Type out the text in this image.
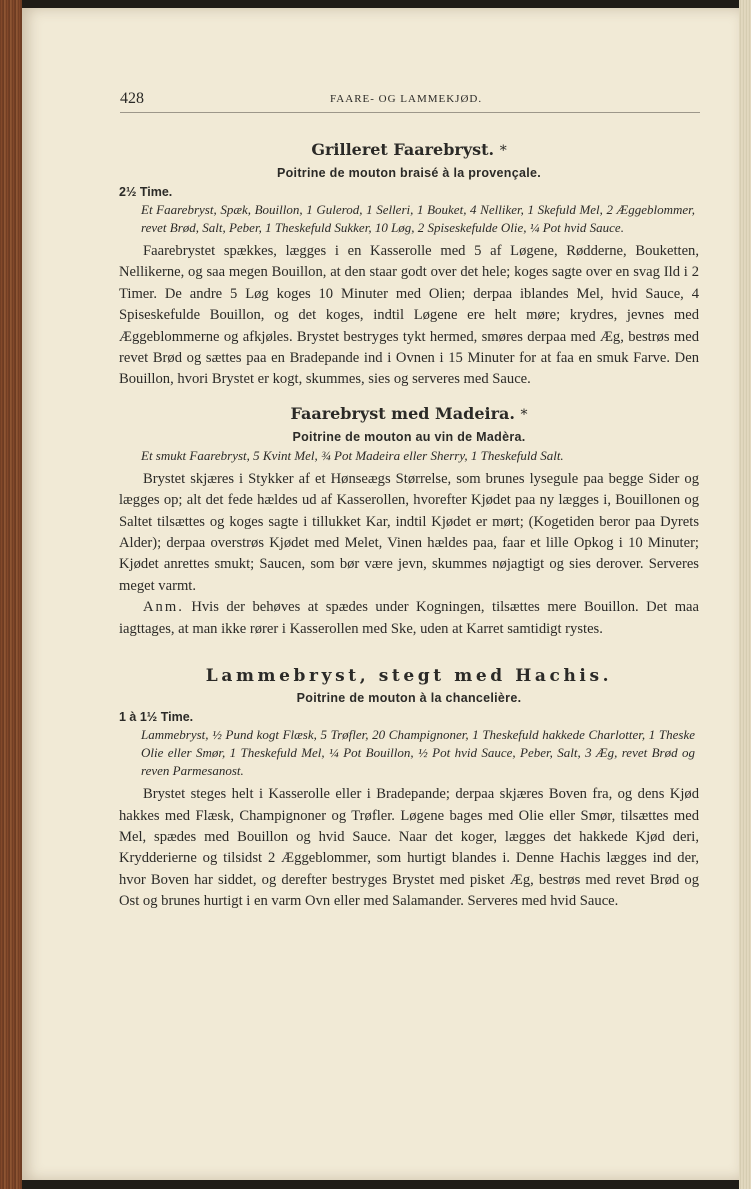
428	FAARE- OG LAMMEKJØD.
Grilleret Faarebryst. *
Poitrine de mouton braisé à la provençale.
2½ Time.

Et Faarebryst, Spæk, Bouillon, 1 Gulerod, 1 Selleri, 1 Bouket, 4 Nelliker, 1 Skefuld Mel, 2 Æggeblommer, revet Brød, Salt, Peber, 1 Theskefuld Sukker, 10 Løg, 2 Spiseskefulde Olie, ¼ Pot hvid Sauce.

Faarebrystet spækkes, lægges i en Kasserolle med 5 af Løgene, Rødderne, Bouketten, Nellikerne, og saa megen Bouillon, at den staar godt over det hele; koges sagte over en svag Ild i 2 Timer. De andre 5 Løg koges 10 Minuter med Olien; derpaa iblandes Mel, hvid Sauce, 4 Spiseskefulde Bouillon, og det koges, indtil Løgene ere helt møre; krydres, jevnes med Æggeblommerne og afkjøles. Brystet bestryges tykt hermed, smøres derpaa med Æg, bestrøs med revet Brød og sættes paa en Bradepande ind i Ovnen i 15 Minuter for at faa en smuk Farve. Den Bouillon, hvori Brystet er kogt, skummes, sies og serveres med Sauce.

Faarebryst med Madeira. *
Poitrine de mouton au vin de Madèra.

Et smukt Faarebryst, 5 Kvint Mel, ¾ Pot Madeira eller Sherry, 1 Theskefuld Salt.

Brystet skjæres i Stykker af et Hønseægs Størrelse, som brunes lysegule paa begge Sider og lægges op; alt det fede hældes ud af Kasserollen, hvorefter Kjødet paa ny lægges i, Bouillonen og Saltet tilsættes og koges sagte i tillukket Kar, indtil Kjødet er mørt; (Kogetiden beror paa Dyrets Alder); derpaa overstrøs Kjødet med Melet, Vinen hældes paa, faar et lille Opkog i 10 Minuter; Kjødet anrettes smukt; Saucen, som bør være jevn, skummes nøjagtigt og sies derover. Serveres meget varmt.

Anm. Hvis der behøves at spædes under Kogningen, tilsættes mere Bouillon. Det maa iagttages, at man ikke rører i Kasserollen med Ske, uden at Karret samtidigt rystes.

Lammebryst, stegt med Hachis.
Poitrine de mouton à la chancelière.
1 à 1½ Time.

Lammebryst, ½ Pund kogt Flæsk, 5 Trøfler, 20 Champignoner, 1 Theskefuld hakkede Charlotter, 1 Theske Olie eller Smør, 1 Theskefuld Mel, ¼ Pot Bouillon, ½ Pot hvid Sauce, Peber, Salt, 3 Æg, revet Brød og reven Parmesanost.

Brystet steges helt i Kasserolle eller i Bradepande; derpaa skjæres Boven fra, og dens Kjød hakkes med Flæsk, Champignoner og Trøfler. Løgene bages med Olie eller Smør, tilsættes med Mel, spædes med Bouillon og hvid Sauce. Naar det koger, lægges det hakkede Kjød deri, Krydderierne og tilsidst 2 Æggeblommer, som hurtigt blandes i. Denne Hachis lægges ind der, hvor Boven har siddet, og derefter bestryges Brystet med pisket Æg, bestrøs med revet Brød og Ost og brunes hurtigt i en varm Ovn eller med Salamander. Serveres med hvid Sauce.
